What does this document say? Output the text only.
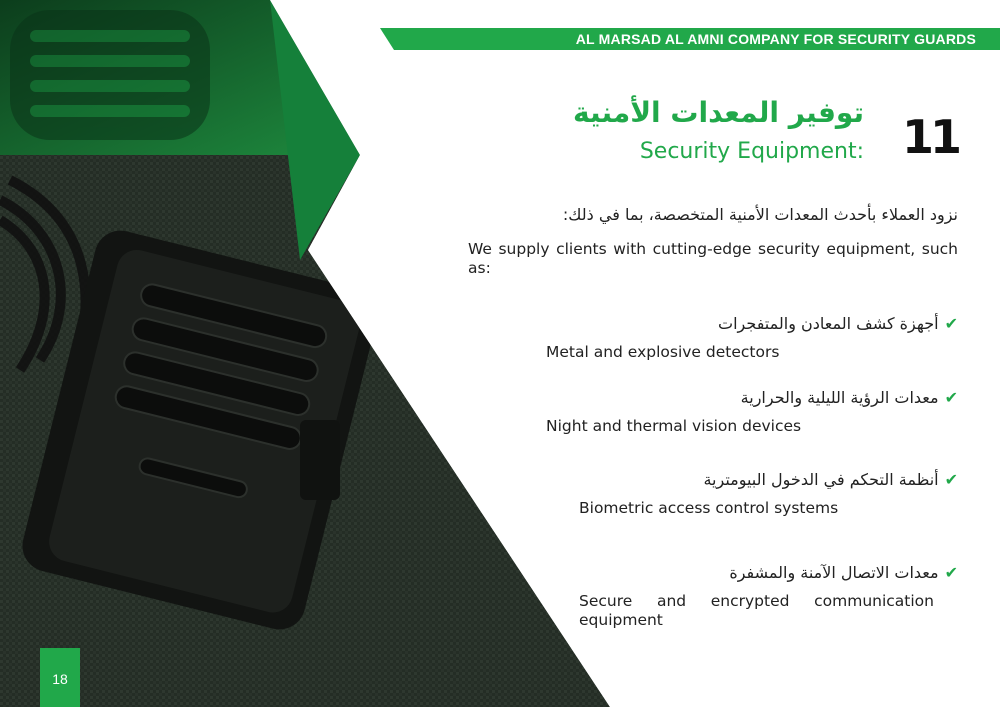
AL MARSAD AL AMNI COMPANY FOR SECURITY GUARDS
توفير المعدات الأمنية
Security Equipment: 11
نزود العملاء بأحدث المعدات الأمنية المتخصصة، بما في ذلك:
We supply clients with cutting-edge security equipment, such as:
✔
أجهزة كشف المعادن والمتفجرات
Metal and explosive detectors
✔
معدات الرؤية الليلية والحرارية
Night and thermal vision devices
✔
أنظمة التحكم في الدخول البيومترية
Biometric access control systems
✔
معدات الاتصال الآمنة والمشفرة
Secure and encrypted communication equipment
18
